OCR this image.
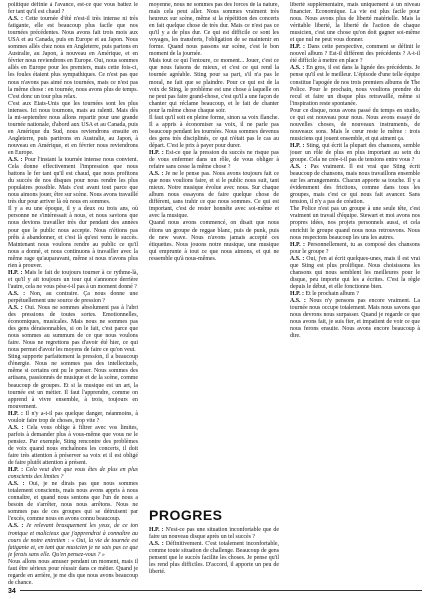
politique définie à l'avance, est-ce que vous battez le fer tant qu'il est chaud ?

A.S. : Cette tournée d'été n'est-il très intense ni très fatigante, elle est beaucoup plus facile que nos tournées précédentes. Nous avons fait trois mois aux USA et au Canada, puis en Europe et au Japon. Nous sommes allés chez nous en Angleterre, puis partons en Australie, au Japon, à nouveau en Amérique, et en février nous reviendrons en Europe. Oui, nous sommes allés en Europe pour les premiers, mais cette fois-ci, les foules étaient plus sympathiques. Ce n'est pas que nous n'avons pas aimé nos tournées, mais ce n'est pas la même chose : en tournée, nous avons plus de temps. C'est donc un tour plus relax.

C'est aux Etats-Unis que les tournées sont les plus intenses. Ici nous tournons, mais au ralenti. Mais dès la mi-septembre nous allons repartir pour une grande tournée nationale, d'abord aux USA et au Canada, puis en Amérique du Sud, nous reviendrons ensuite en Angleterre, puis partirons en Australie, au Japon, à nouveau en Amérique, et en février nous reviendrons en Europe.

A.S. : Pour l'instant la tournée intense nous convient. Cela donne effectivement l'impression que nous battons le fer tant qu'il est chaud, que nous profitons du succès de nos disques pour nous rendre les plus populaires possible. Mais c'est avant tout parce que nous aimons jouer, être sur scène. Nous avons travaillé très dur pour arriver là où nous en sommes.

Il y a eu une époque, il y a deux ou trois ans, où personne ne s'intéressait à nous, et nous savions que nous devions travailler très dur pendant des années pour que le public nous accepte. Nous n'étions pas prêts à abandonner, et c'est là qu'est venu le succès. Maintenant nous voulons rendre au public ce qu'il nous a donné, et nous continuons à travailler avec la même rage qu'auparavant, même si nous n'avons plus rien à prouver.

H.P. : Mais le fait de toujours tourner à ce rythme-là, et qu'il y ait toujours un tour qui s'annonce derrière l'autre, cela ne vous pèse-t-il pas à un moment donné ?

A.S. : Non, au contraire. Ça nous donne une perpétuellement une source de pression ?

A.S. : Oui. Nous ne sommes absolument pas à l'abri des pressions de toutes sortes. Emotionnelles, économiques, musicales. Mais nous ne sommes pas des gens déraisonnables, si on le fait, c'est parce que nous sommes au summum de ce que nous voulons faire. Nous ne regrettons pas d'avoir été hier, ce qui nous permet d'avoir les moyens de faire ce qu'on veut.

Sting supporte parfaitement la pression, il a beaucoup d'énergie. Nous ne sommes pas des intellectuels, même si certains ont pu le penser. Nous sommes des artisans, passionnés de musique et de la scène, comme beaucoup de groupes. Et si la musique est un art, la tournée est un métier. Il faut l'apprendre, comme on apprend à vivre ensemble, à trois, toujours en mouvement.

H.P. : Il n'y a-t-il pas quelque danger, néanmoins, à vouloir faire trop de choses, trop vite ?

A.S. : Cela vous oblige à filtrer avec vos limites, parfois à demander plus à vous-même que vous ne le pensiez. Par exemple, Sting rencontre des problèmes de voix quand nous enchaînons les concerts, il doit faire très attention à préserver sa voix et il est obligé de faire plutôt attention à présent.

H.P. : Cela veut dire que vous êtes de plus en plus conscients des limites ?

A.S. : Oui, je ne dirais pas que nous sommes totalement conscients, mais nous avons appris à nous connaître, et quand nous sentons que l'un de nous a besoin de s'arrêter, nous nous arrêtons. Nous ne sommes pas de ces groupes qui se détruisent par l'excès, comme nous en avons connu beaucoup.

A.S. : Je relevant brusquement les yeux, de ce ton ironique et malicieux que j'apprendrai à connaître au cours de notre entretien : « Oui, la vie de tournée est fatigante et, en tant que musicien je ne sais pas ce que je ferais sans elle. Qu'en pensez-vous ? »

Nous allons nous amuser pendant un moment, mais il faut être sérieux pour réussir dans ce métier. Quand je regarde en arrière, je me dis que nous avons beaucoup de chance.

moyenne, nous ne sommes pas des forces de la nature, mais cela peut aller. Nous sommes vraiment très heureux sur scène, même si la répétition des concerts en fait quelque chose de très dur. Mais ce n'est pas ce qu'il y a de plus dur. Ce qui est difficile ce sont les voyages, les transferts, l'obligation de se maintenir en forme. Quand nous passons sur scène, c'est le bon moment de la journée.

Mais tout ce qui l'entoure, ce moment... Jouer, c'est ce que nous faisons de mieux, et c'est ce qui rend la tournée agréable. Sting pour sa part, s'il n'a pas le moral, ne fait que se plaindre. Pour ce qui est de la voix de Sting, le problème est une chose à laquelle on ne peut pas faire grand-chose, c'est qu'il a une façon de chanter qui réclame beaucoup, et le fait de chanter pour la même chose chaque soir.

Il faut qu'il soit en pleine forme, sinon sa voix flanche. Il a appris à économiser sa voix, il ne parle pas beaucoup pendant les tournées. Nous sommes devenus des gens très disciplinés, ce qui n'était pas le cas au départ. C'est le prix à payer pour durer.

H.P. : Est-ce que la pression du succès ne risque pas de vous enfermer dans un rôle, de vous obliger à refaire sans cesse la même chose ?

A.S. : Je ne le pense pas. Nous avons toujours fait ce que nous voulions faire, et si le public nous suit, tant mieux. Notre musique évolue avec nous. Sur chaque album nous essayons de faire quelque chose de différent, sans trahir ce que nous sommes. Ce qui est important, c'est de rester honnête avec soi-même et avec la musique.

Quand nous avons commencé, on disait que nous étions un groupe de reggae blanc, puis de punk, puis de new wave. Nous n'avons jamais accepté ces étiquettes. Nous jouons notre musique, une musique qui emprunte à tout ce que nous aimons, et qui ne ressemble qu'à nous-mêmes.

PROGRES

H.P. : N'est-ce pas une situation inconfortable que de faire un nouveau disque après un tel succès ?

A.S. : Définitivement. C'est totalement inconfortable, comme toute situation de challenge. Beaucoup de gens pensent que le succès facilite les choses. Je pense qu'il les rend plus difficiles. D'accord, il apporte un peu de liberté.

liberté supplémentaire, mais uniquement à un niveau financier. Economique. La vie est plus facile pour nous. Nous avons plus de liberté matérielle. Mais la véritable liberté, la liberté de l'action de chaque musicien, c'est une chose qu'on doit gagner soi-même et que nul ne peut vous donner.

H.P. : Dans cette perspective, comment se définit le nouvel album ? Est-il différent des précédents ? A-t-il été difficile à mettre en place ?

A.S. : En gros, il est dans la lignée des précédents. Je pense qu'il est le meilleur. L'épisode d'une telle équipe constitue l'apogée de nos trois premiers albums de The Police. Pour le prochain, nous voulions prendre du recul et faire un disque plus retravaillé, même si l'inspiration reste spontanée.

Pour ce disque, nous avons passé du temps en studio, ce qui est nouveau pour nous. Nous avons essayé de nouvelles choses, de nouveaux instruments, de nouveaux sons. Mais le cœur reste le même : trois musiciens qui jouent ensemble, et qui aiment ça.

H.P. : Sting, qui écrit la plupart des chansons, semble jouer un rôle de plus en plus important au sein du groupe. Cela ne crée-t-il pas de tensions entre vous ?

A.S. : Pas vraiment. Il est vrai que Sting écrit beaucoup de chansons, mais nous travaillons ensemble sur les arrangements. Chacun apporte sa touche. Il y a évidemment des frictions, comme dans tous les groupes, mais c'est ce qui nous fait avancer. Sans tension, il n'y a pas de création.

The Police n'est pas un groupe à une seule tête, c'est vraiment un travail d'équipe. Stewart et moi avons nos propres idées, nos projets personnels aussi, et cela enrichit le groupe quand nous nous retrouvons. Nous nous respectons beaucoup les uns les autres.

H.P. : Personnellement, tu as composé des chansons pour le groupe ?

A.S. : Oui, j'en ai écrit quelques-unes, mais il est vrai que Sting est plus prolifique. Nous choisissons les chansons qui nous semblent les meilleures pour le disque, peu importe qui les a écrites. C'est la règle depuis le début, et elle fonctionne bien.

H.P. : Et le prochain album ?

A.S. : Nous n'y pensons pas encore vraiment. La tournée nous occupe totalement. Mais nous savons que nous devrons nous surpasser. Quand je regarde ce que nous avons fait, je suis fier, et impatient de voir ce que nous ferons ensuite. Nous avons encore beaucoup à dire.

34
